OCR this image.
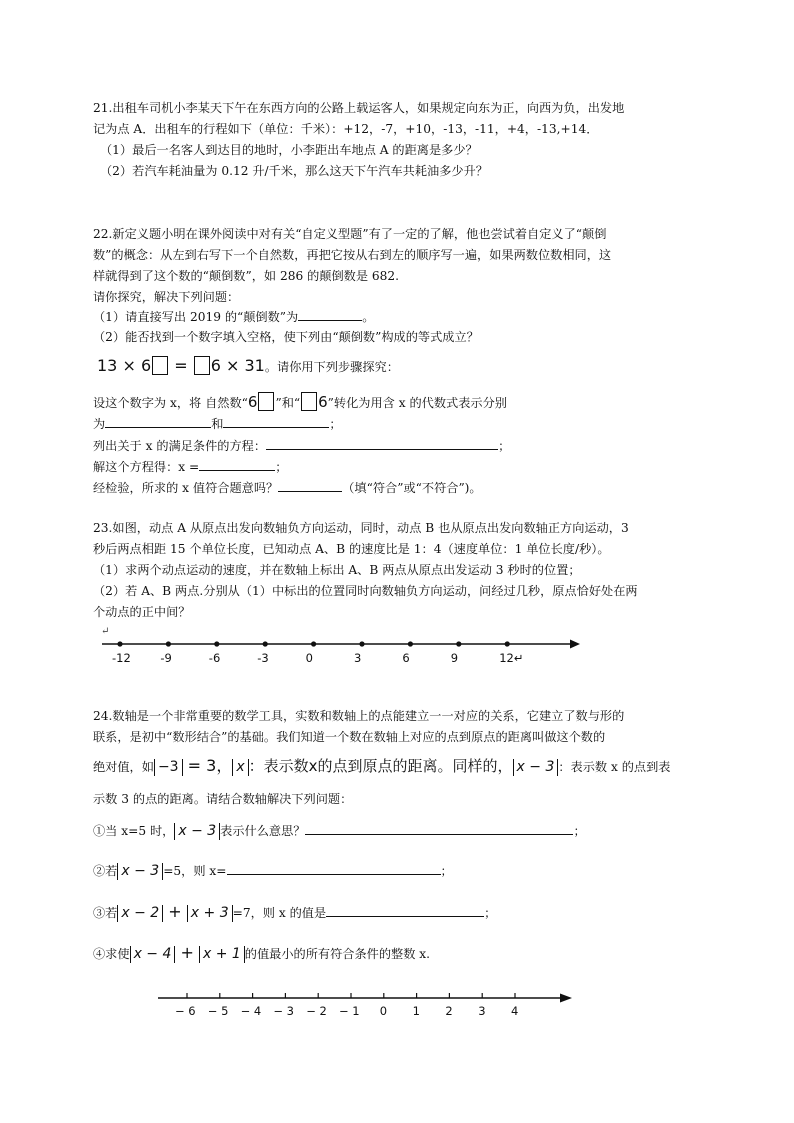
21.出租车司机小李某天下午在东西方向的公路上载运客人，如果规定向东为正，向西为负，出发地
记为点 A．出租车的行程如下（单位：千米）：+12，-7，+10，-13，-11，+4，-13,+14．
（1）最后一名客人到达目的地时，小李距出车地点 A 的距离是多少？
（2）若汽车耗油量为 0.12 升/千米，那么这天下午汽车共耗油多少升？
22.新定义题小明在课外阅读中对有关“自定义型题”有了一定的了解，他也尝试着自定义了“颠倒
数”的概念：从左到右写下一个自然数，再把它按从右到左的顺序写一遍，如果两数位数相同，这
样就得到了这个数的“颠倒数”，如 286 的颠倒数是 682.
请你探究，解决下列问题：
（1）请直接写出 2019 的“颠倒数”为	。
（2）能否找到一个数字填入空格，使下列由“颠倒数”构成的等式成立？
13 × 6 = 6 × 31。请你用下列步骤探究：
设这个数字为 x，将 自然数“6 ”和“ 6”转化为用含 x 的代数式表示分别
为	和	；
列出关于 x 的满足条件的方程：	；
解这个方程得：x =	；
经检验，所求的 x 值符合题意吗？	（填“符合”或“不符合”)。
23.如图，动点 A 从原点出发向数轴负方向运动，同时，动点 B 也从原点出发向数轴正方向运动，3
秒后两点相距 15 个单位长度，已知动点 A、B 的速度比是 1：4（速度单位：1 单位长度/秒）。
（1）求两个动点运动的速度，并在数轴上标出 A、B 两点从原点出发运动 3 秒时的位置；
（2）若 A、B 两点.分别从（1）中标出的位置同时向数轴负方向运动，问经过几秒，原点恰好处在两
个动点的正中间？
↵
-12	-9	-6	-3	0	3	6	9	12↵
24.数轴是一个非常重要的数学工具，实数和数轴上的点能建立一一对应的关系，它建立了数与形的
联系，是初中“数形结合”的基础。我们知道一个数在数轴上对应的点到原点的距离叫做这个数的
绝对值，如 −3 = 3， x ：表示数x的点到原点的距离。同样的， x − 3 ：表示数 x 的点到表
示数 3 的点的距离。请结合数轴解决下列问题：
①当 x=5 时， x − 3 表示什么意思？	；
②若 x − 3 =5，则 x=	；
③若 x − 2 + x + 3 =7，则 x 的值是	；
④求使 x − 4 + x + 1 的值最小的所有符合条件的整数 x.
− 6 − 5 − 4 − 3 − 2 − 1 0 1 2 3 4
